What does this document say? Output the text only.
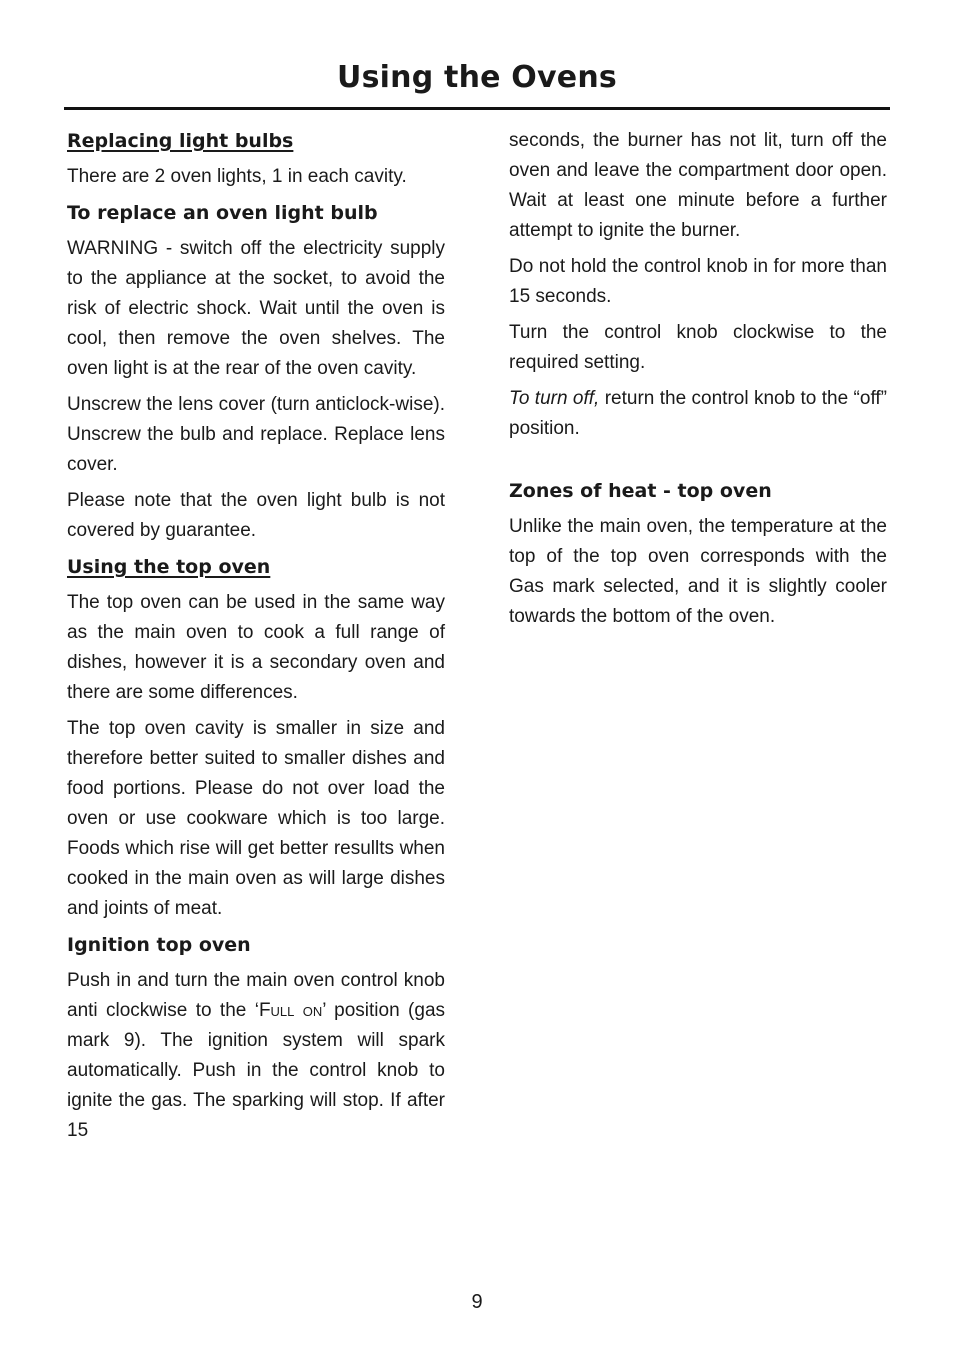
Using the Ovens
Replacing light bulbs

There are 2 oven lights, 1 in each cavity.

To replace an oven light bulb

WARNING - switch off the electricity supply to the appliance at the socket, to avoid the risk of electric shock. Wait until the oven is cool, then remove the oven shelves. The oven light is at the rear of the oven cavity.

Unscrew the lens cover (turn anticlock-wise). Unscrew the bulb and replace. Replace lens cover.

Please note that the oven light bulb is not covered by guarantee.

Using the top oven

The top oven can be used in the same way as the main oven to cook a full range of dishes, however it is a secondary oven and there are some differences.

The top oven cavity is smaller in size and therefore better suited to smaller dishes and food portions. Please do not over load the oven or use cookware which is too large. Foods which rise will get better resullts when cooked in the main oven as will large dishes and joints of meat.

Ignition top oven

Push in and turn the main oven control knob anti clockwise to the ‘Full on’ position (gas mark 9). The ignition system will spark automatically. Push in the control knob to ignite the gas. The sparking will stop. If after 15

seconds, the burner has not lit, turn off the oven and leave the compartment door open. Wait at least one minute before a further attempt to ignite the burner.

Do not hold the control knob in for more than 15 seconds.

Turn the control knob clockwise to the required setting.

To turn off, return the control knob to the “off” position.

Zones of heat - top oven

Unlike the main oven, the temperature at the top of the top oven corresponds with the Gas mark selected, and it is slightly cooler towards the bottom of the oven.

9
